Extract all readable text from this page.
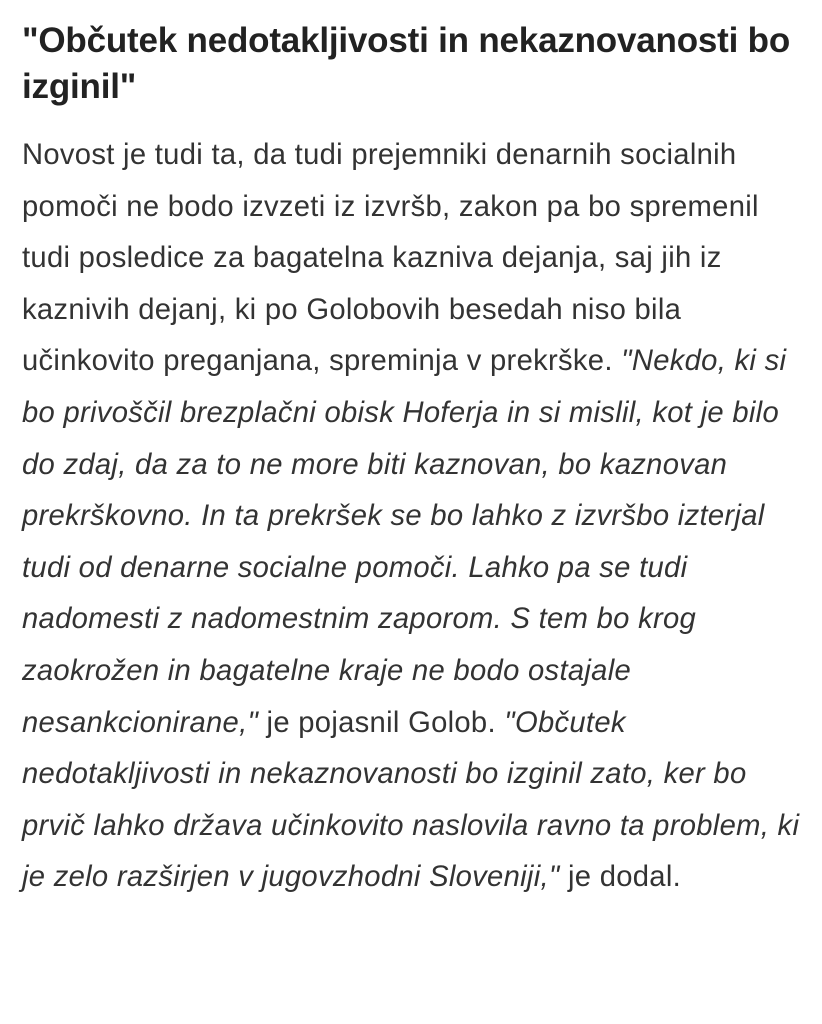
"Občutek nedotakljivosti in nekaznovanosti bo izginil"

Novost je tudi ta, da tudi prejemniki denarnih socialnih pomoči ne bodo izvzeti iz izvršb, zakon pa bo spremenil tudi posledice za bagatelna kazniva dejanja, saj jih iz kaznivih dejanj, ki po Golobovih besedah niso bila učinkovito preganjana, spreminja v prekrške. "Nekdo, ki si bo privoščil brezplačni obisk Hoferja in si mislil, kot je bilo do zdaj, da za to ne more biti kaznovan, bo kaznovan prekrškovno. In ta prekršek se bo lahko z izvršbo izterjal tudi od denarne socialne pomoči. Lahko pa se tudi nadomesti z nadomestnim zaporom. S tem bo krog zaokrožen in bagatelne kraje ne bodo ostajale nesankcionirane," je pojasnil Golob. "Občutek nedotakljivosti in nekaznovanosti bo izginil zato, ker bo prvič lahko država učinkovito naslovila ravno ta problem, ki je zelo razširjen v jugovzhodni Sloveniji," je dodal.
